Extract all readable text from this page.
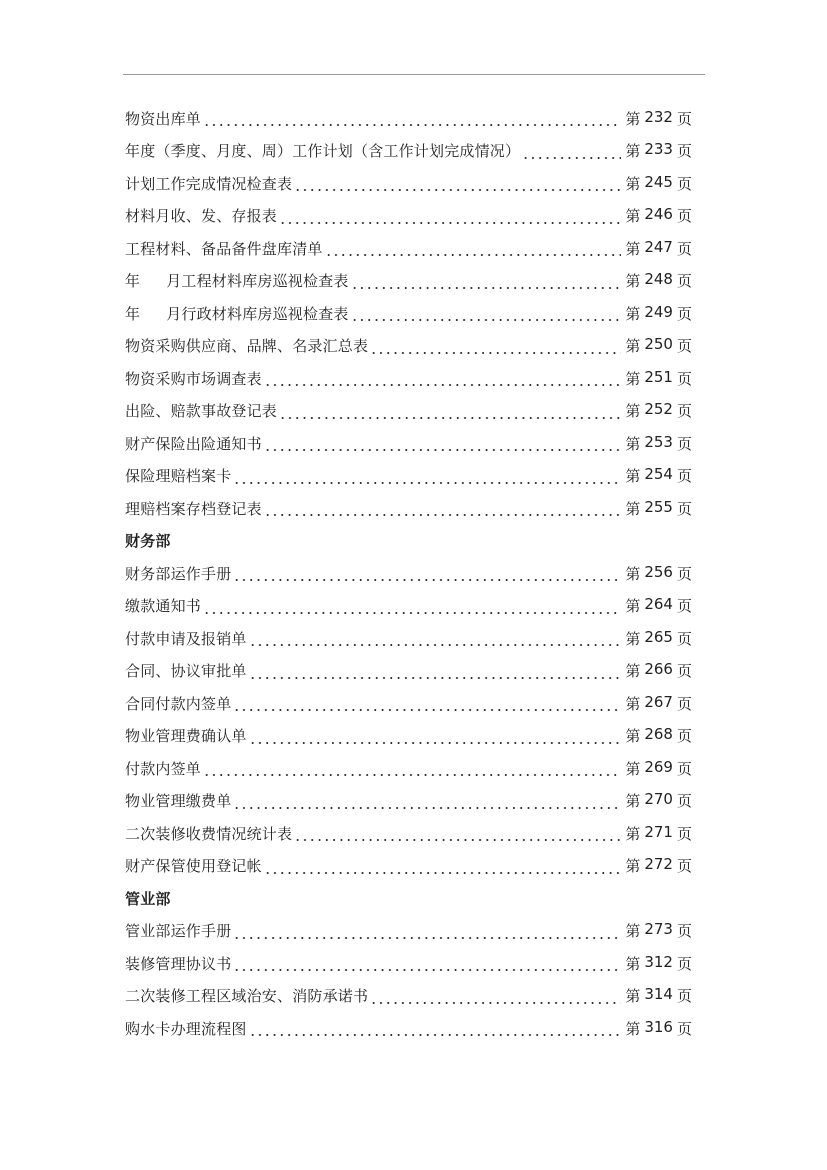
物资出库单	第 232 页
年度（季度、月度、周）工作计划（含工作计划完成情况）	第 233 页
计划工作完成情况检查表	第 245 页
材料月收、发、存报表	第 246 页
工程材料、备品备件盘库清单	第 247 页
年 月工程材料库房巡视检查表	第 248 页
年 月行政材料库房巡视检查表	第 249 页
物资采购供应商、品牌、名录汇总表	第 250 页
物资采购市场调查表	第 251 页
出险、赔款事故登记表	第 252 页
财产保险出险通知书	第 253 页
保险理赔档案卡	第 254 页
理赔档案存档登记表	第 255 页
财务部
财务部运作手册	第 256 页
缴款通知书	第 264 页
付款申请及报销单	第 265 页
合同、协议审批单	第 266 页
合同付款内签单	第 267 页
物业管理费确认单	第 268 页
付款内签单	第 269 页
物业管理缴费单	第 270 页
二次装修收费情况统计表	第 271 页
财产保管使用登记帐	第 272 页
管业部
管业部运作手册	第 273 页
装修管理协议书	第 312 页
二次装修工程区域治安、消防承诺书	第 314 页
购水卡办理流程图	第 316 页
